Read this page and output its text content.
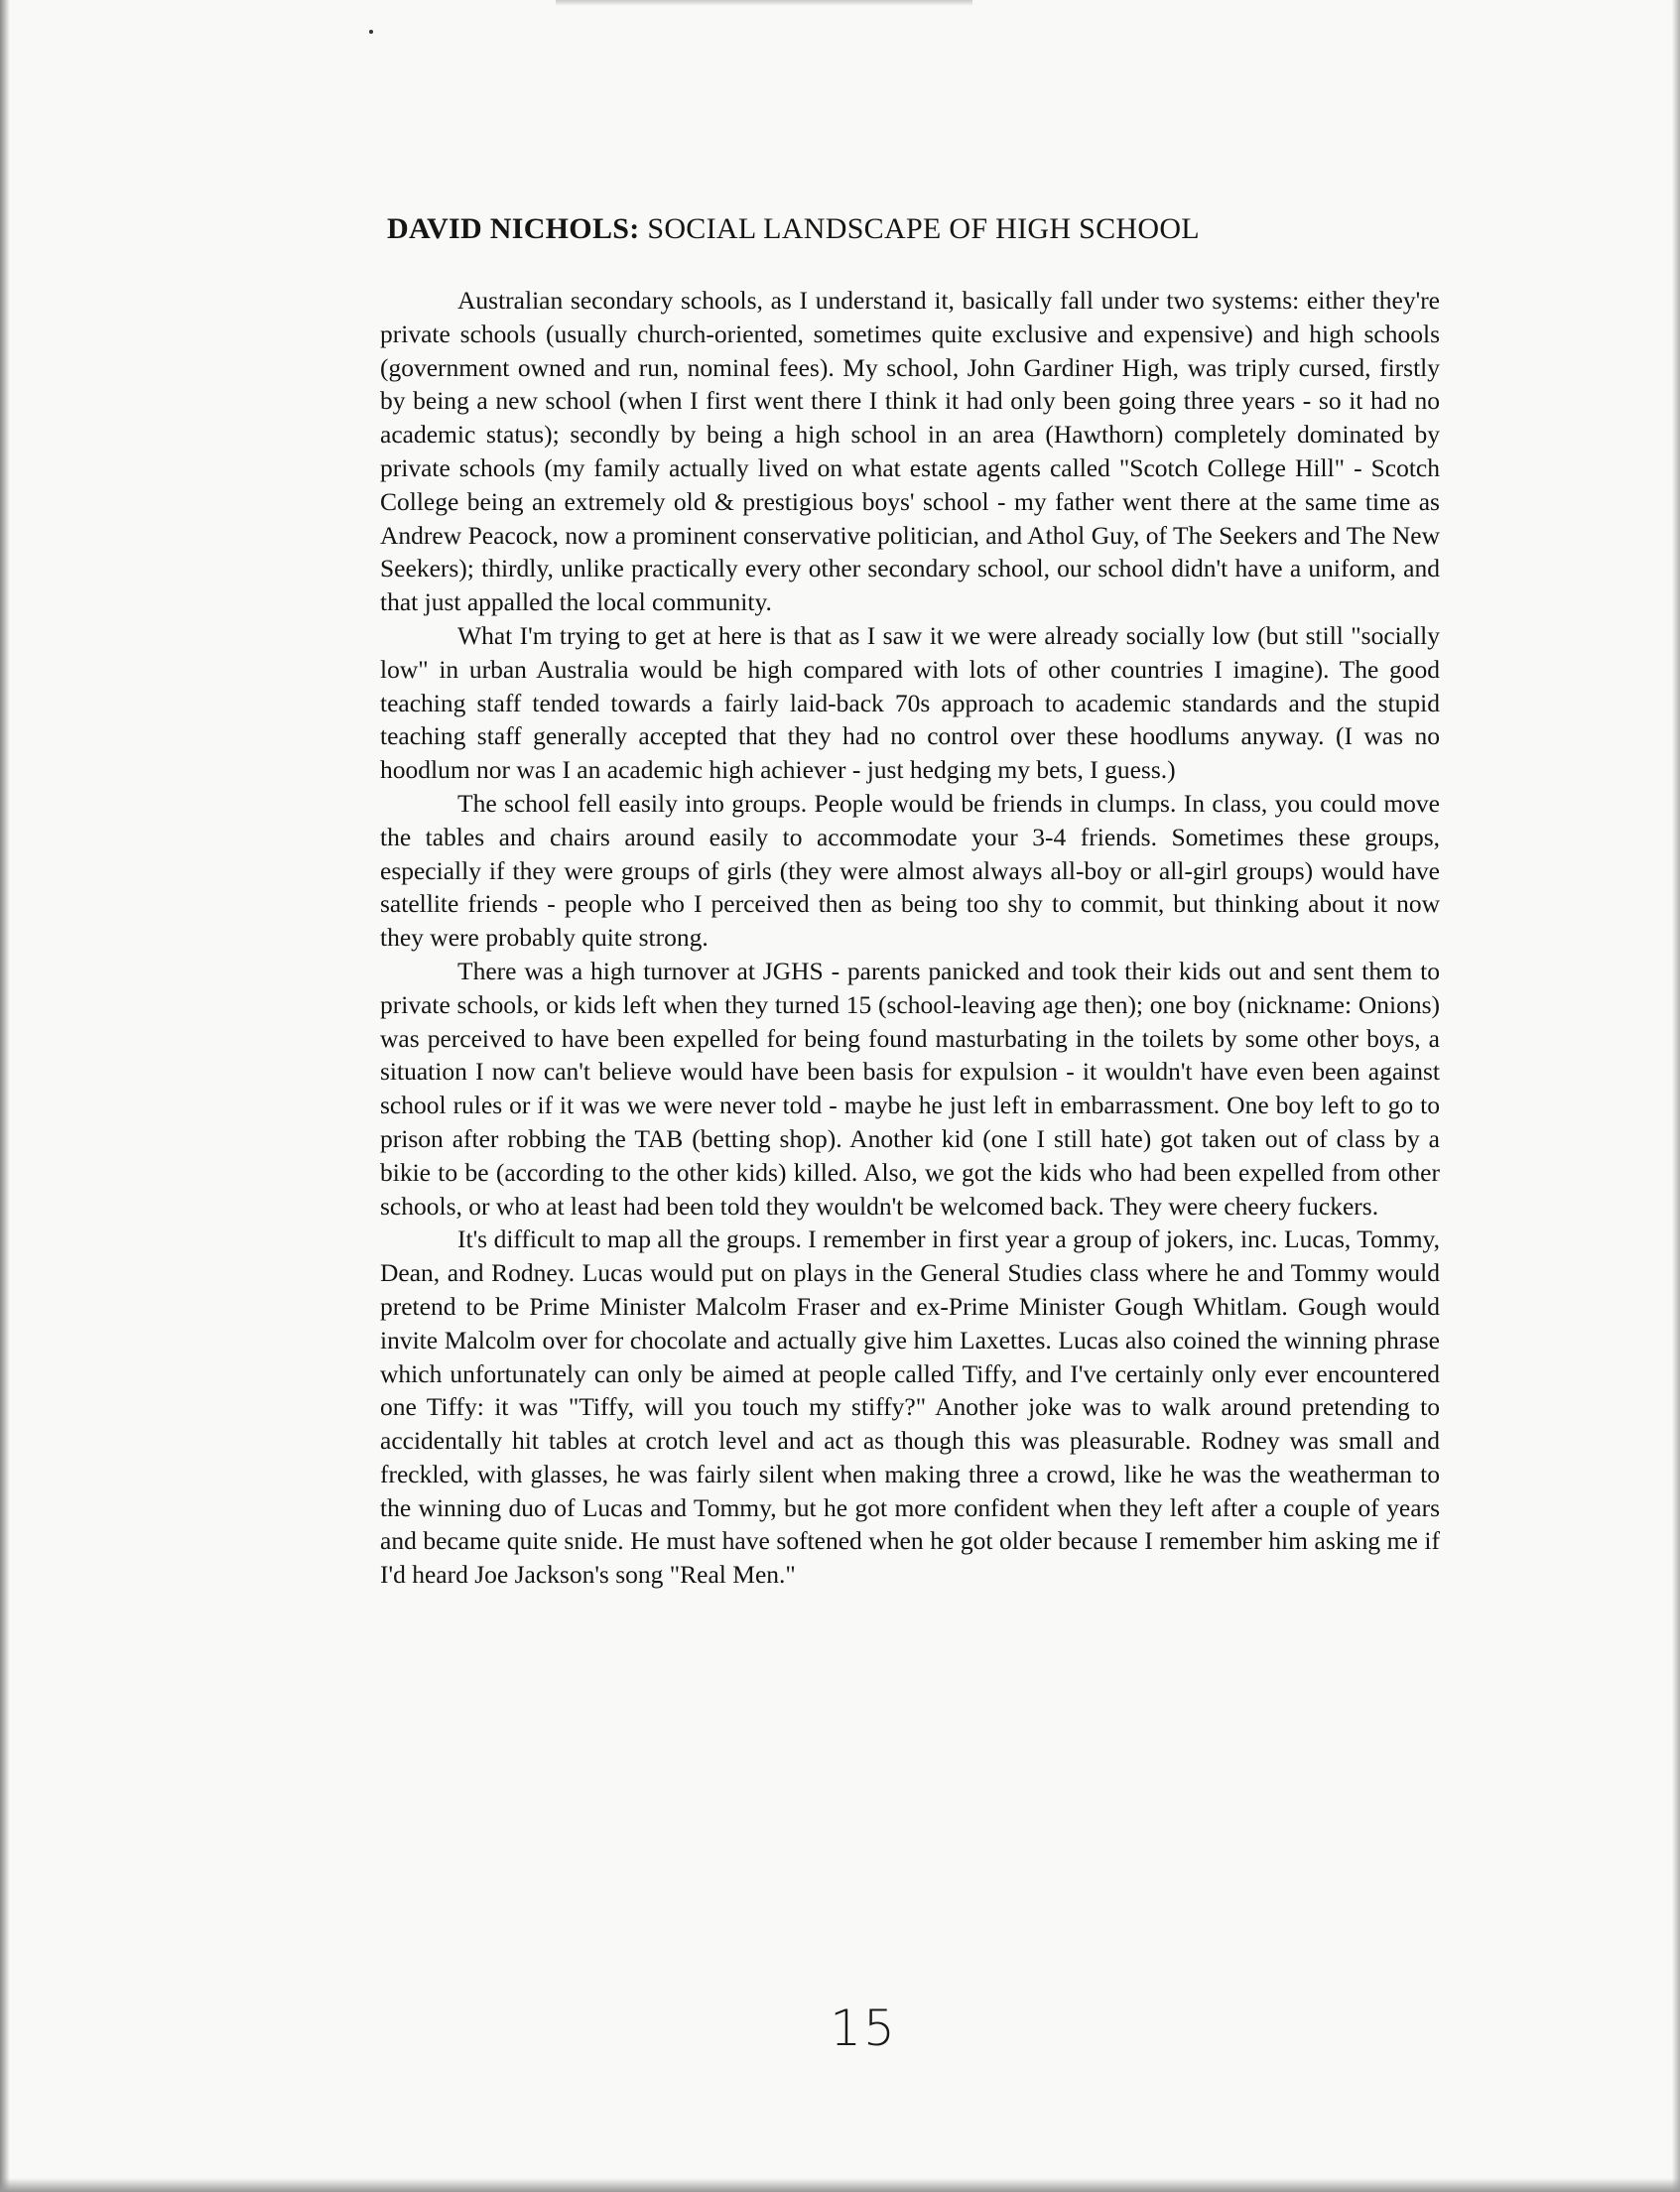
DAVID NICHOLS: SOCIAL LANDSCAPE OF HIGH SCHOOL

Australian secondary schools, as I understand it, basically fall under two systems: either they're private schools (usually church-oriented, sometimes quite exclusive and expensive) and high schools (government owned and run, nominal fees). My school, John Gardiner High, was triply cursed, firstly by being a new school (when I first went there I think it had only been going three years - so it had no academic status); secondly by being a high school in an area (Hawthorn) completely dominated by private schools (my family actually lived on what estate agents called "Scotch College Hill" - Scotch College being an extremely old & prestigious boys' school - my father went there at the same time as Andrew Peacock, now a prominent conservative politician, and Athol Guy, of The Seekers and The New Seekers); thirdly, unlike practically every other secondary school, our school didn't have a uniform, and that just appalled the local community.

What I'm trying to get at here is that as I saw it we were already socially low (but still "socially low" in urban Australia would be high compared with lots of other countries I imagine). The good teaching staff tended towards a fairly laid-back 70s approach to academic standards and the stupid teaching staff generally accepted that they had no control over these hoodlums anyway. (I was no hoodlum nor was I an academic high achiever - just hedging my bets, I guess.)

The school fell easily into groups. People would be friends in clumps. In class, you could move the tables and chairs around easily to accommodate your 3-4 friends. Sometimes these groups, especially if they were groups of girls (they were almost always all-boy or all-girl groups) would have satellite friends - people who I perceived then as being too shy to commit, but thinking about it now they were probably quite strong.

There was a high turnover at JGHS - parents panicked and took their kids out and sent them to private schools, or kids left when they turned 15 (school-leaving age then); one boy (nickname: Onions) was perceived to have been expelled for being found masturbating in the toilets by some other boys, a situation I now can't believe would have been basis for expulsion - it wouldn't have even been against school rules or if it was we were never told - maybe he just left in embarrassment. One boy left to go to prison after robbing the TAB (betting shop). Another kid (one I still hate) got taken out of class by a bikie to be (according to the other kids) killed. Also, we got the kids who had been expelled from other schools, or who at least had been told they wouldn't be welcomed back. They were cheery fuckers.

It's difficult to map all the groups. I remember in first year a group of jokers, inc. Lucas, Tommy, Dean, and Rodney. Lucas would put on plays in the General Studies class where he and Tommy would pretend to be Prime Minister Malcolm Fraser and ex-Prime Minister Gough Whitlam. Gough would invite Malcolm over for chocolate and actually give him Laxettes. Lucas also coined the winning phrase which unfortunately can only be aimed at people called Tiffy, and I've certainly only ever encountered one Tiffy: it was "Tiffy, will you touch my stiffy?" Another joke was to walk around pretending to accidentally hit tables at crotch level and act as though this was pleasurable. Rodney was small and freckled, with glasses, he was fairly silent when making three a crowd, like he was the weatherman to the winning duo of Lucas and Tommy, but he got more confident when they left after a couple of years and became quite snide. He must have softened when he got older because I remember him asking me if I'd heard Joe Jackson's song "Real Men."

15
